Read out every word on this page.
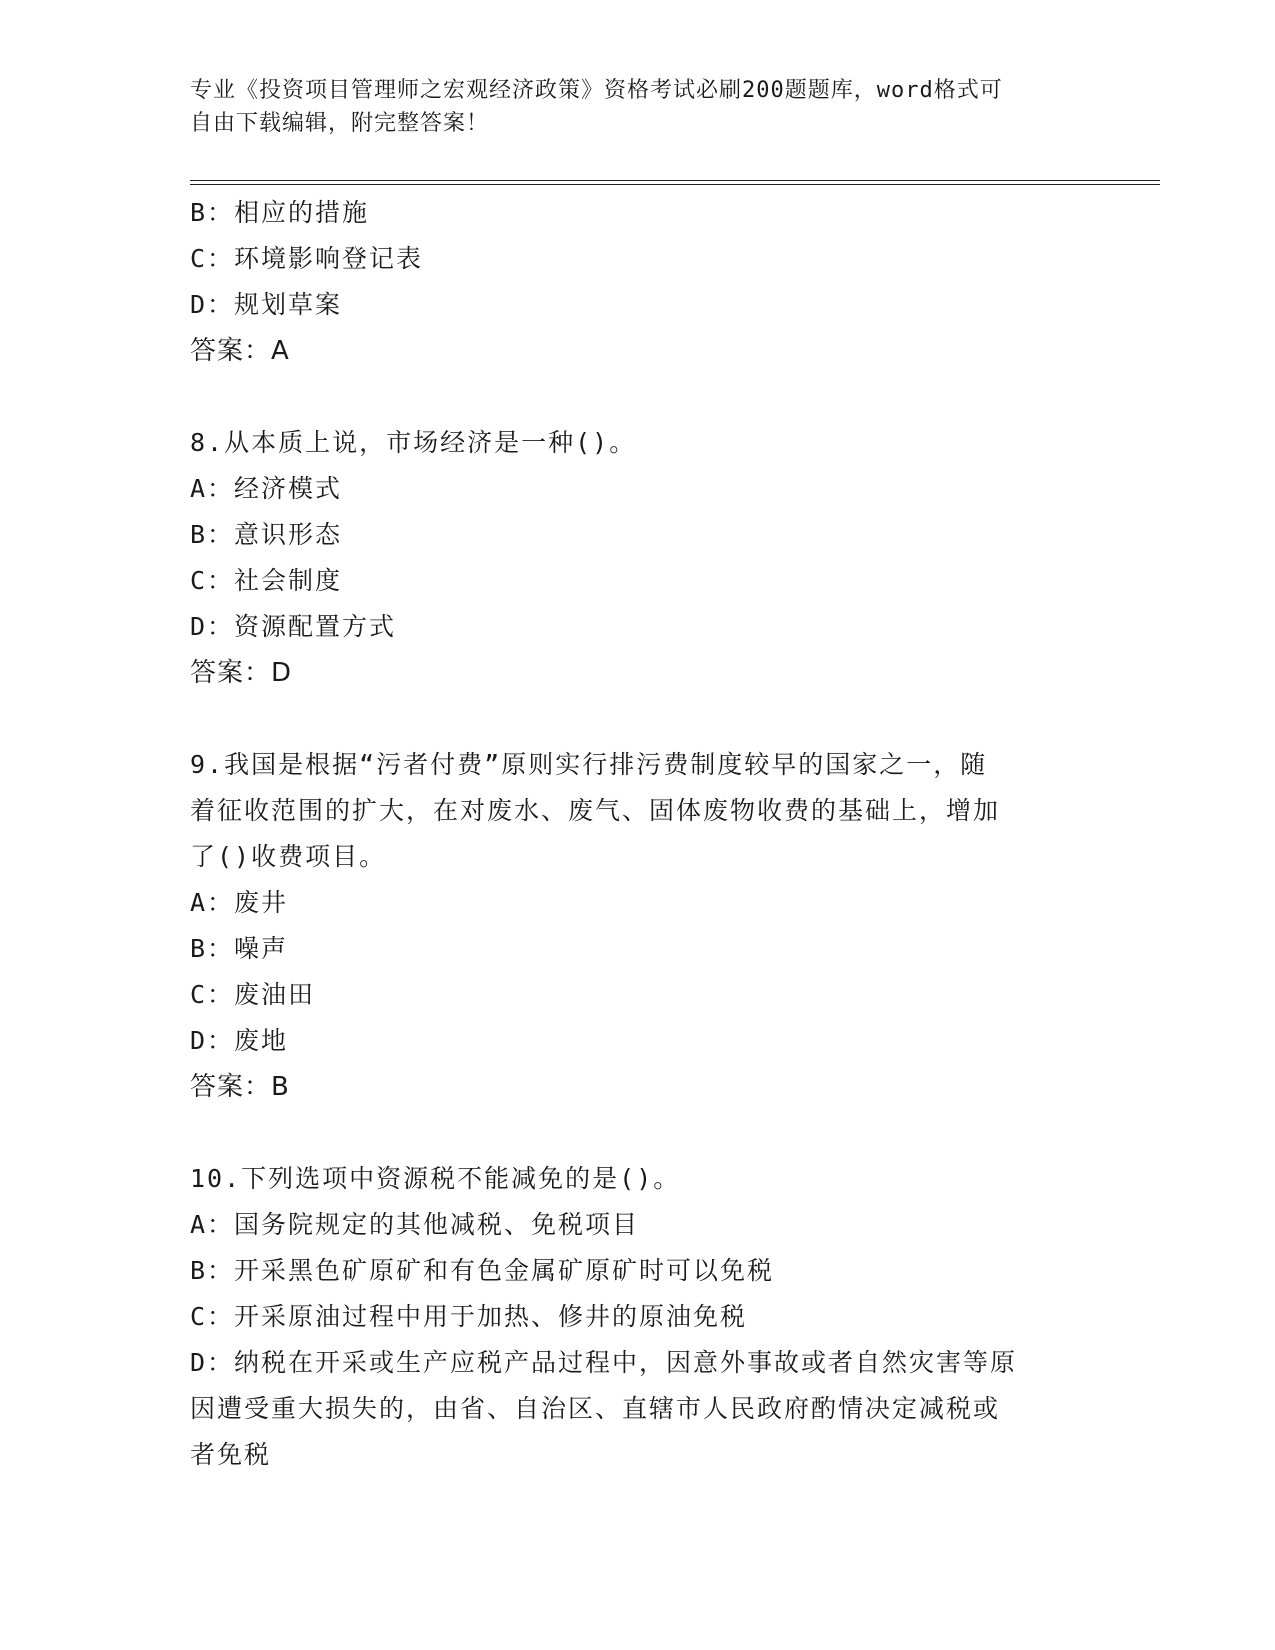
专业《投资项目管理师之宏观经济政策》资格考试必刷200题题库，word格式可
自由下载编辑，附完整答案！
B：相应的措施
C：环境影响登记表
D：规划草案
答案：A
8.从本质上说，市场经济是一种()。
A：经济模式
B：意识形态
C：社会制度
D：资源配置方式
答案：D
9.我国是根据“污者付费”原则实行排污费制度较早的国家之一，随
着征收范围的扩大，在对废水、废气、固体废物收费的基础上，增加
了()收费项目。
A：废井
B：噪声
C：废油田
D：废地
答案：B
10.下列选项中资源税不能减免的是()。
A：国务院规定的其他减税、免税项目
B：开采黑色矿原矿和有色金属矿原矿时可以免税
C：开采原油过程中用于加热、修井的原油免税
D：纳税在开采或生产应税产品过程中，因意外事故或者自然灾害等原
因遭受重大损失的，由省、自治区、直辖市人民政府酌情决定减税或
者免税
